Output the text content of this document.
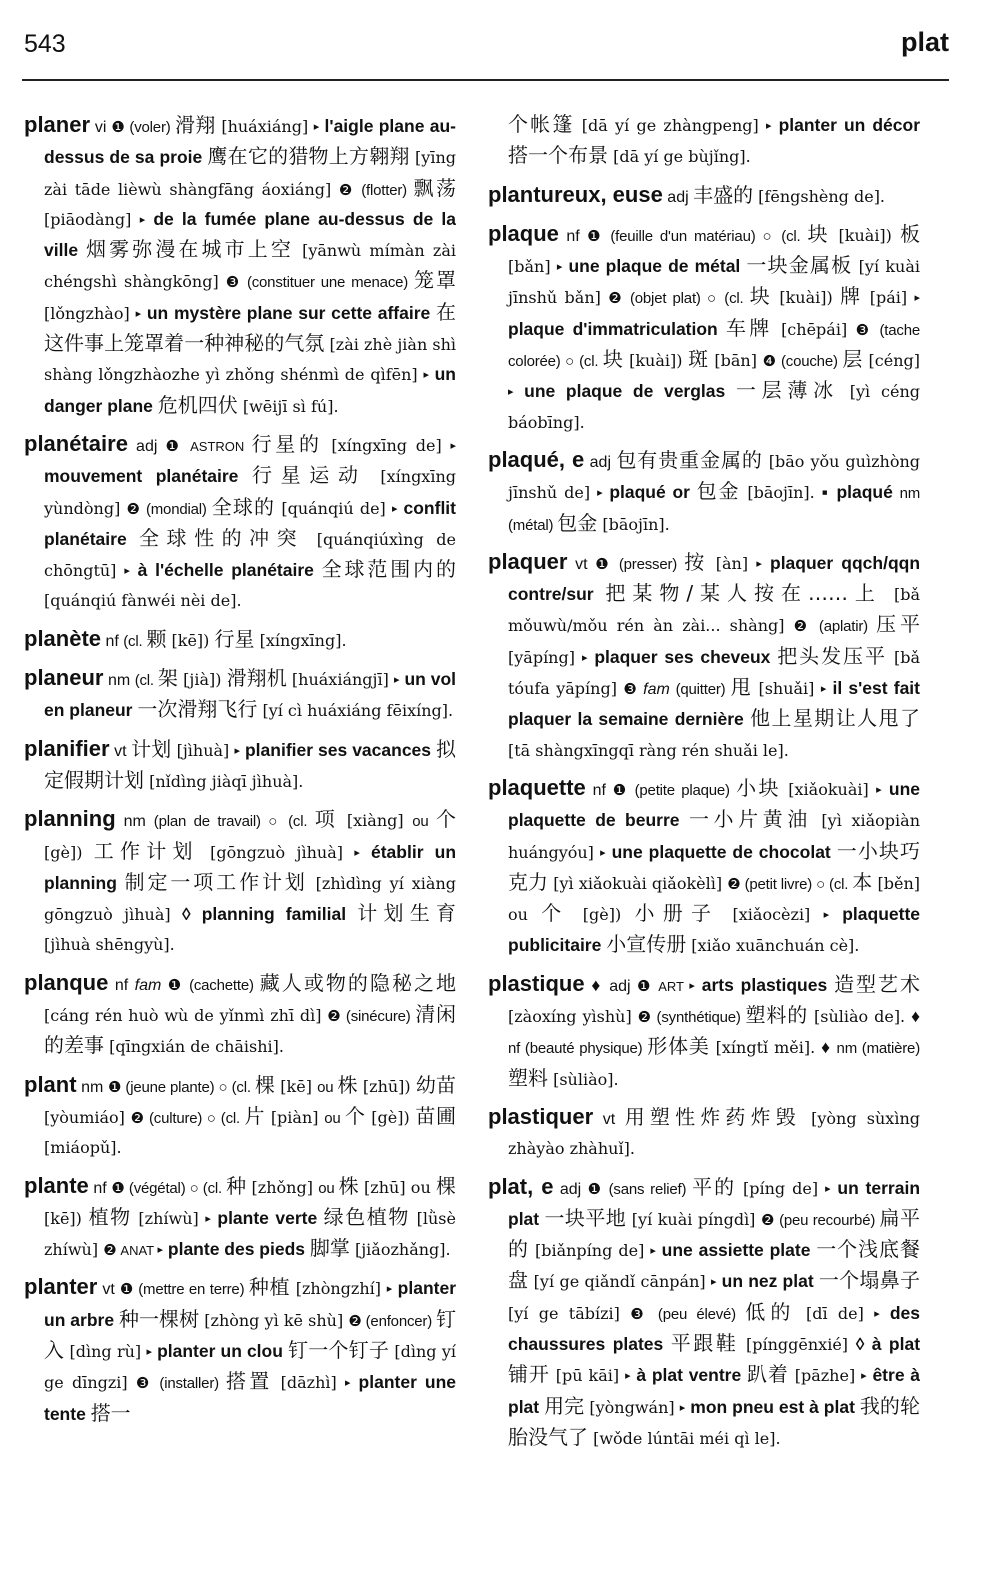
543	plat

planer vi ❶ (voler) 滑翔 [huáxiáng] ▸ l'aigle plane au-dessus de sa proie 鹰在它的猎物上方翱翔 [yīng zài tāde lièwù shàngfāng áoxiáng] ❷ (flotter) 飘荡 [piāodàng] ▸ de la fumée plane au-dessus de la ville 烟雾弥漫在城市上空 [yānwù mímàn zài chéngshì shàngkōng] ❸ (constituer une menace) 笼罩 [lǒngzhào] ▸ un mystère plane sur cette affaire 在这件事上笼罩着一种神秘的气氛 [zài zhè jiàn shì shàng lǒngzhàozhe yì zhǒng shénmì de qìfēn] ▸ un danger plane 危机四伏 [wēijī sì fú].

planétaire adj ❶ ASTRON 行星的 [xíngxīng de] ▸ mouvement planétaire 行星运动 [xíngxīng yùndòng] ❷ (mondial) 全球的 [quánqiú de] ▸ conflit planétaire 全球性的冲突 [quánqiúxìng de chōngtū] ▸ à l'échelle planétaire 全球范围内的 [quánqiú fànwéi nèi de].

planète nf (cl. 颗 [kē]) 行星 [xíngxīng].

planeur nm (cl. 架 [jià]) 滑翔机 [huáxiángjī] ▸ un vol en planeur 一次滑翔飞行 [yí cì huáxiáng fēixíng].

planifier vt 计划 [jìhuà] ▸ planifier ses vacances 拟定假期计划 [nǐdìng jiàqī jìhuà].

planning nm (plan de travail) ○ (cl. 项 [xiàng] ou 个 [gè]) 工作计划 [gōngzuò jìhuà] ▸ établir un planning 制定一项工作计划 [zhìdìng yí xiàng gōngzuò jìhuà] ◊ planning familial 计划生育 [jìhuà shēngyù].

planque nf fam ❶ (cachette) 藏人或物的隐秘之地 [cáng rén huò wù de yǐnmì zhī dì] ❷ (sinécure) 清闲的差事 [qīngxián de chāishi].

plant nm ❶ (jeune plante) ○ (cl. 棵 [kē] ou 株 [zhū]) 幼苗 [yòumiáo] ❷ (culture) ○ (cl. 片 [piàn] ou 个 [gè]) 苗圃 [miáopǔ].

plante nf ❶ (végétal) ○ (cl. 种 [zhǒng] ou 株 [zhū] ou 棵 [kē]) 植物 [zhíwù] ▸ plante verte 绿色植物 [lǜsè zhíwù] ❷ ANAT ▸ plante des pieds 脚掌 [jiǎozhǎng].

planter vt ❶ (mettre en terre) 种植 [zhòngzhí] ▸ planter un arbre 种一棵树 [zhòng yì kē shù] ❷ (enfoncer) 钉入 [dìng rù] ▸ planter un clou 钉一个钉子 [dìng yí ge dīngzi] ❸ (installer) 搭置 [dāzhì] ▸ planter une tente 搭一

个帐篷 [dā yí ge zhàngpeng] ▸ planter un décor 搭一个布景 [dā yí ge bùjǐng].

plantureux, euse adj 丰盛的 [fēngshèng de].

plaque nf ❶ (feuille d'un matériau) ○ (cl. 块 [kuài]) 板 [bǎn] ▸ une plaque de métal 一块金属板 [yí kuài jīnshǔ bǎn] ❷ (objet plat) ○ (cl. 块 [kuài]) 牌 [pái] ▸ plaque d'immatriculation 车牌 [chēpái] ❸ (tache colorée) ○ (cl. 块 [kuài]) 斑 [bān] ❹ (couche) 层 [céng] ▸ une plaque de verglas 一层薄冰 [yì céng báobīng].

plaqué, e adj 包有贵重金属的 [bāo yǒu guìzhòng jīnshǔ de] ▸ plaqué or 包金 [bāojīn]. ▪ plaqué nm (métal) 包金 [bāojīn].

plaquer vt ❶ (presser) 按 [àn] ▸ plaquer qqch/qqn contre/sur 把某物/某人按在……上 [bǎ mǒuwù/mǒu rén àn zài... shàng] ❷ (aplatir) 压平 [yāpíng] ▸ plaquer ses cheveux 把头发压平 [bǎ tóufa yāpíng] ❸ fam (quitter) 甩 [shuǎi] ▸ il s'est fait plaquer la semaine dernière 他上星期让人甩了 [tā shàngxīngqī ràng rén shuǎi le].

plaquette nf ❶ (petite plaque) 小块 [xiǎokuài] ▸ une plaquette de beurre 一小片黄油 [yì xiǎopiàn huángyóu] ▸ une plaquette de chocolat 一小块巧克力 [yì xiǎokuài qiǎokèlì] ❷ (petit livre) ○ (cl. 本 [běn] ou 个 [gè]) 小册子 [xiǎocèzi] ▸ plaquette publicitaire 小宣传册 [xiǎo xuānchuán cè].

plastique ♦ adj ❶ ART ▸ arts plastiques 造型艺术 [zàoxíng yìshù] ❷ (synthétique) 塑料的 [sùliào de]. ♦ nf (beauté physique) 形体美 [xíngtǐ měi]. ♦ nm (matière) 塑料 [sùliào].

plastiquer vt 用塑性炸药炸毁 [yòng sùxìng zhàyào zhàhuǐ].

plat, e adj ❶ (sans relief) 平的 [píng de] ▸ un terrain plat 一块平地 [yí kuài píngdì] ❷ (peu recourbé) 扁平的 [biǎnpíng de] ▸ une assiette plate 一个浅底餐盘 [yí ge qiǎndǐ cānpán] ▸ un nez plat 一个塌鼻子 [yí ge tābízi] ❸ (peu élevé) 低的 [dī de] ▸ des chaussures plates 平跟鞋 [pínggēnxié] ◊ à plat 铺开 [pū kāi] ▸ à plat ventre 趴着 [pāzhe] ▸ être à plat 用完 [yòngwán] ▸ mon pneu est à plat 我的轮胎没气了 [wǒde lúntāi méi qì le].
